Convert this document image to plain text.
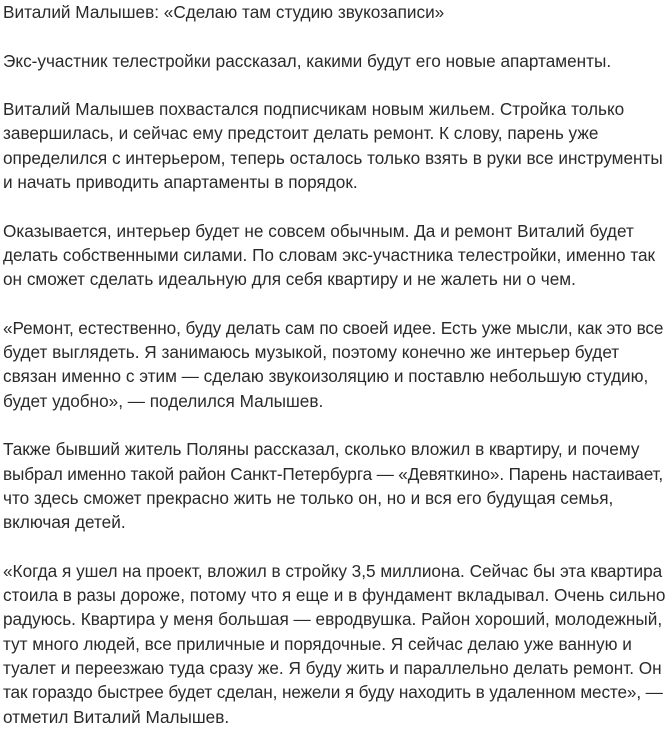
Виталий Малышев: «Сделаю там студию звукозаписи»

Экс-участник телестройки рассказал, какими будут его новые апартаменты.

Виталий Малышев похвастался подписчикам новым жильем. Стройка только
завершилась, и сейчас ему предстоит делать ремонт. К слову, парень уже
определился с интерьером, теперь осталось только взять в руки все инструменты
и начать приводить апартаменты в порядок.

Оказывается, интерьер будет не совсем обычным. Да и ремонт Виталий будет
делать собственными силами. По словам экс-участника телестройки, именно так
он сможет сделать идеальную для себя квартиру и не жалеть ни о чем.

«Ремонт, естественно, буду делать сам по своей идее. Есть уже мысли, как это все
будет выглядеть. Я занимаюсь музыкой, поэтому конечно же интерьер будет
связан именно с этим — сделаю звукоизоляцию и поставлю небольшую студию,
будет удобно», — поделился Малышев.

Также бывший житель Поляны рассказал, сколько вложил в квартиру, и почему
выбрал именно такой район Санкт-Петербурга — «Девяткино». Парень настаивает,
что здесь сможет прекрасно жить не только он, но и вся его будущая семья,
включая детей.

«Когда я ушел на проект, вложил в стройку 3,5 миллиона. Сейчас бы эта квартира
стоила в разы дороже, потому что я еще и в фундамент вкладывал. Очень сильно
радуюсь. Квартира у меня большая — евродвушка. Район хороший, молодежный,
тут много людей, все приличные и порядочные. Я сейчас делаю уже ванную и
туалет и переезжаю туда сразу же. Я буду жить и параллельно делать ремонт. Он
так гораздо быстрее будет сделан, нежели я буду находить в удаленном месте», —
отметил Виталий Малышев.
